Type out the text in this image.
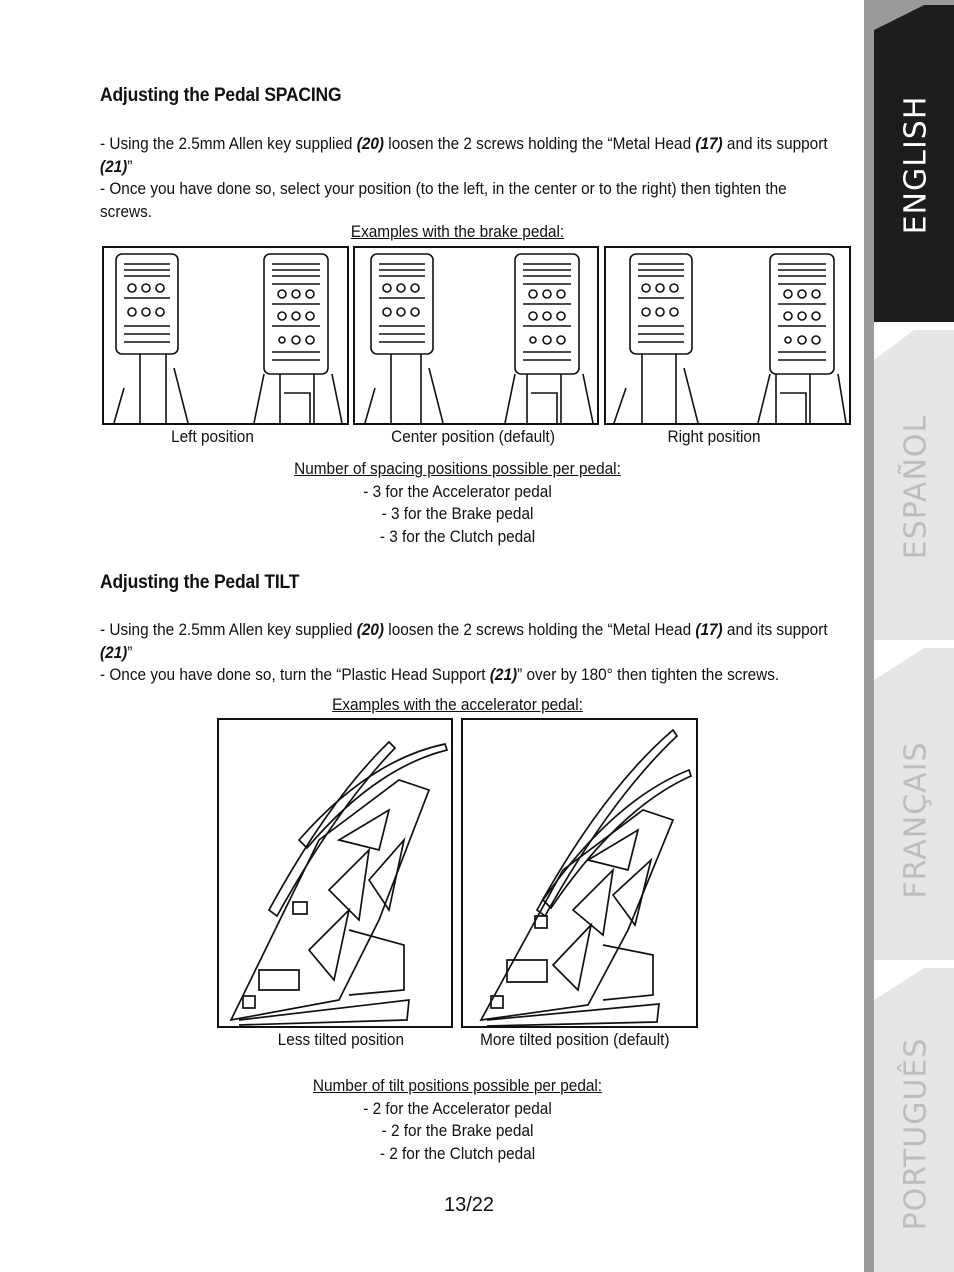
Adjusting the Pedal SPACING
- Using the 2.5mm Allen key supplied (20) loosen the 2 screws holding the “Metal Head (17) and its support (21)”
- Once you have done so, select your position (to the left, in the center or to the right) then tighten the screws.
Examples with the brake pedal:
Left position	Center position (default)	Right position
Number of spacing positions possible per pedal:
- 3 for the Accelerator pedal
- 3 for the Brake pedal
- 3 for the Clutch pedal
Adjusting the Pedal TILT
- Using the 2.5mm Allen key supplied (20) loosen the 2 screws holding the “Metal Head (17) and its support (21)”
- Once you have done so, turn the “Plastic Head Support (21)” over by 180° then tighten the screws.
Examples with the accelerator pedal:
Less tilted position	More tilted position (default)
Number of tilt positions possible per pedal:
- 2 for the Accelerator pedal
- 2 for the Brake pedal
- 2 for the Clutch pedal
13/22
ENGLISH
ESPAÑOL
FRANÇAIS
PORTUGUÊS
